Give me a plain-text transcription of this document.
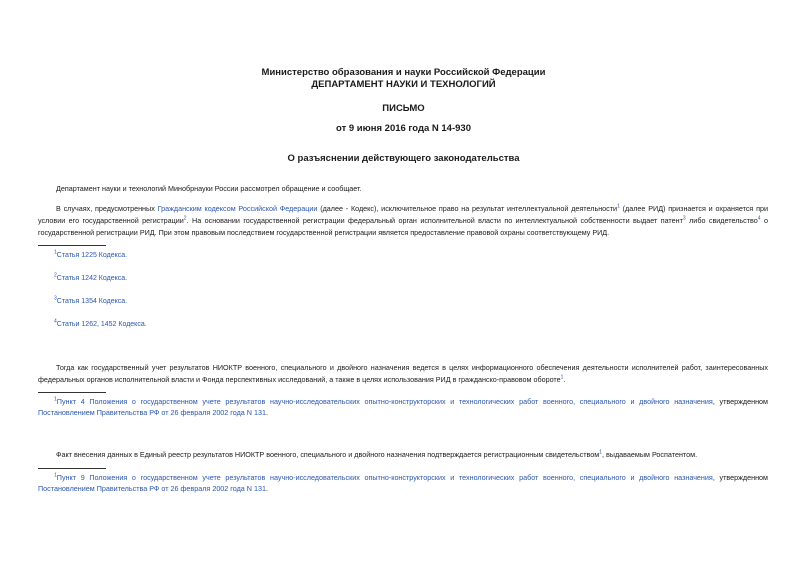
Министерство образования и науки Российской Федерации
ДЕПАРТАМЕНТ НАУКИ И ТЕХНОЛОГИЙ
ПИСЬМО
от 9 июня 2016 года N 14-930
О разъяснении действующего законодательства
Департамент науки и технологий Минобрнауки России рассмотрел обращение и сообщает.
В случаях, предусмотренных Гражданским кодексом Российской Федерации (далее - Кодекс), исключительное право на результат интеллектуальной деятельности$^1$ (далее РИД) признается и охраняется при условии его государственной регистрации$^2$. На основании государственной регистрации федеральный орган исполнительной власти по интеллектуальной собственности выдает патент$^3$ либо свидетельство$^4$ о государственной регистрации РИД. При этом правовым последствием государственной регистрации является предоставление правовой охраны соответствующему РИД.
$^1$Статья 1225 Кодекса.
$^2$Статья 1242 Кодекса.
$^3$Статья 1354 Кодекса.
$^4$Статьи 1262, 1452 Кодекса.
Тогда как государственный учет результатов НИОКТР военного, специального и двойного назначения ведется в целях информационного обеспечения деятельности исполнителей работ, заинтересованных федеральных органов исполнительной власти и Фонда перспективных исследований, а также в целях использования РИД в гражданско-правовом обороте$^1$.
$^1$Пункт 4 Положения о государственном учете результатов научно-исследовательских опытно-конструкторских и технологических работ военного, специального и двойного назначения, утвержденном Постановлением Правительства РФ от 26 февраля 2002 года N 131.
Факт внесения данных в Единый реестр результатов НИОКТР военного, специального и двойного назначения подтверждается регистрационным свидетельством$^1$, выдаваемым Роспатентом.
$^1$Пункт 9 Положения о государственном учете результатов научно-исследовательских опытно-конструкторских и технологических работ военного, специального и двойного назначения, утвержденном Постановлением Правительства РФ от 26 февраля 2002 года N 131.
